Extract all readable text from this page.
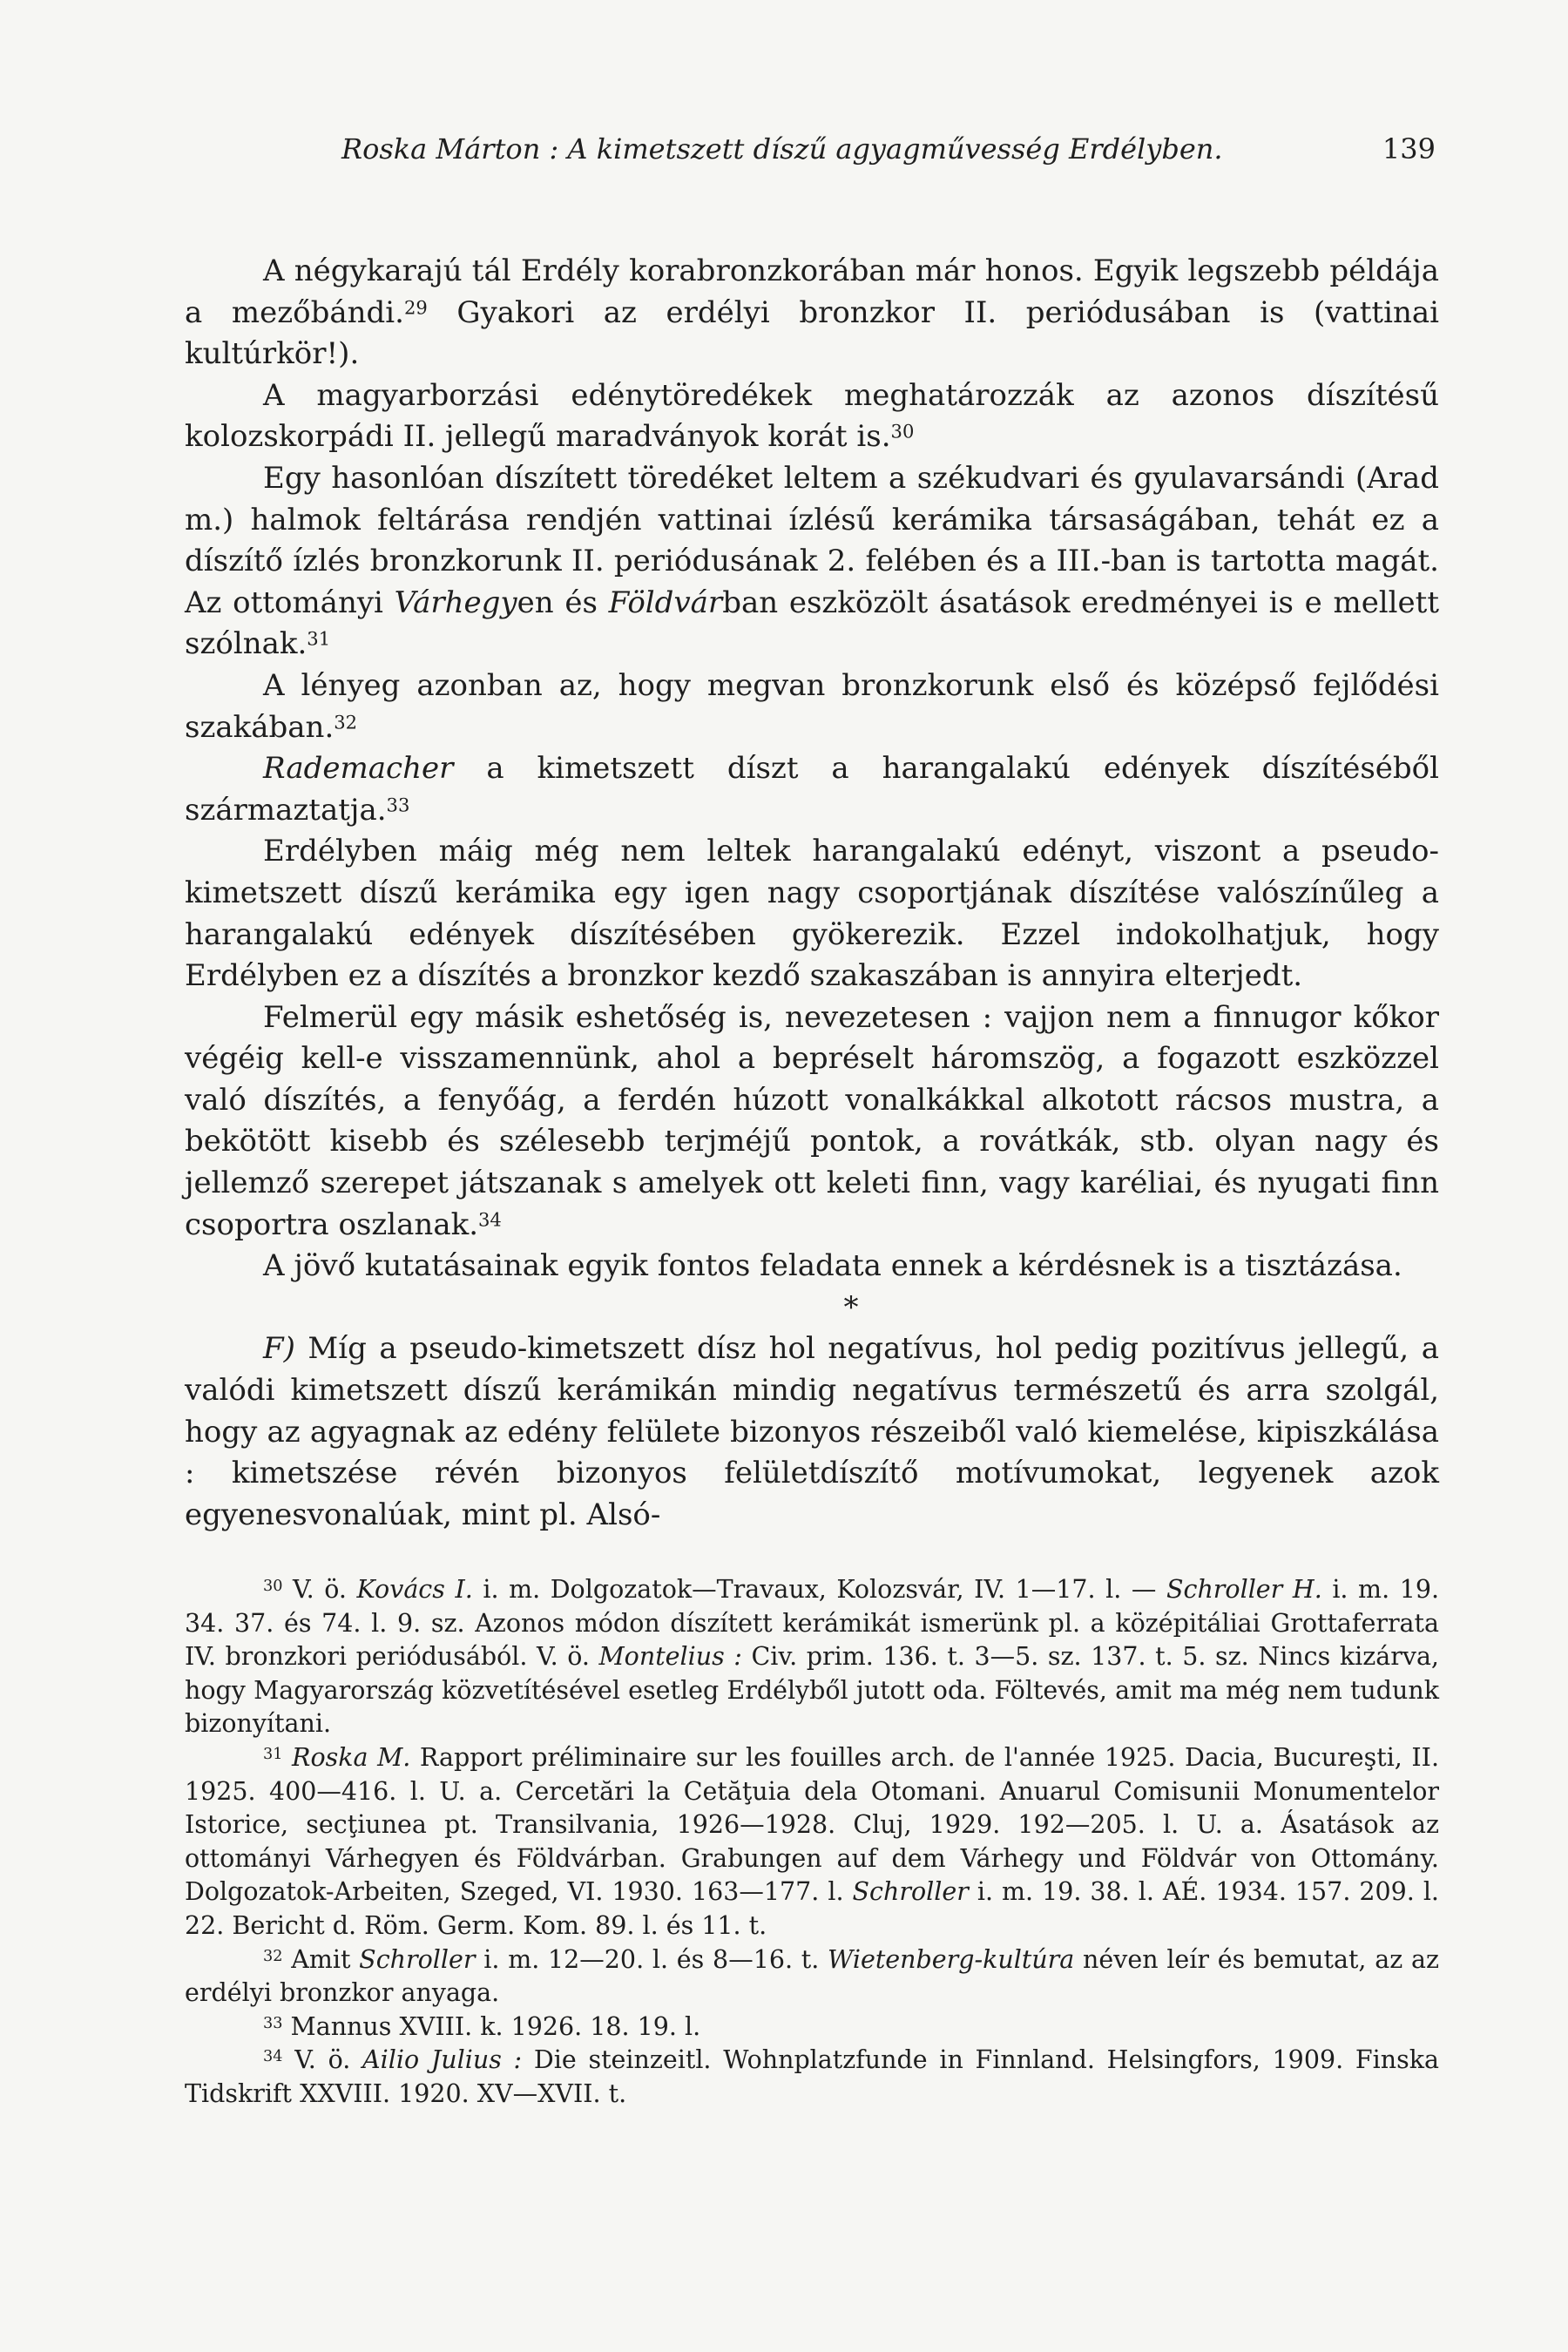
Roska Márton : A kimetszett díszű agyagművesség Erdélyben.	139

A négykarajú tál Erdély korabronzkorában már honos. Egyik legszebb példája a mezőbándi.$^{29}$ Gyakori az erdélyi bronzkor II. periódusában is (vattinai kultúrkör!).

A magyarborzási edénytöredékek meghatározzák az azonos díszítésű kolozskorpádi II. jellegű maradványok korát is.$^{30}$

Egy hasonlóan díszített töredéket leltem a székudvari és gyulavarsándi (Arad m.) halmok feltárása rendjén vattinai ízlésű kerámika társaságában, tehát ez a díszítő ízlés bronzkorunk II. periódusának 2. felében és a III.-ban is tartotta magát. Az ottományi Várhegyen és Földvárban eszközölt ásatások eredményei is e mellett szólnak.$^{31}$

A lényeg azonban az, hogy megvan bronzkorunk első és középső fejlődési szakában.$^{32}$

Rademacher a kimetszett díszt a harangalakú edények díszítéséből származtatja.$^{33}$

Erdélyben máig még nem leltek harangalakú edényt, viszont a pseudo-kimetszett díszű kerámika egy igen nagy csoportjának díszítése valószínűleg a harangalakú edények díszítésében gyökerezik. Ezzel indokolhatjuk, hogy Erdélyben ez a díszítés a bronzkor kezdő szakaszában is annyira elterjedt.

Felmerül egy másik eshetőség is, nevezetesen : vajjon nem a finnugor kőkor végéig kell-e visszamennünk, ahol a bepréselt háromszög, a fogazott eszközzel való díszítés, a fenyőág, a ferdén húzott vonalkákkal alkotott rácsos mustra, a bekötött kisebb és szélesebb terjméjű pontok, a rovátkák, stb. olyan nagy és jellemző szerepet játszanak s amelyek ott keleti finn, vagy karéliai, és nyugati finn csoportra oszlanak.$^{34}$

A jövő kutatásainak egyik fontos feladata ennek a kérdésnek is a tisztázása.

*

F) Míg a pseudo-kimetszett dísz hol negatívus, hol pedig pozitívus jellegű, a valódi kimetszett díszű kerámikán mindig negatívus természetű és arra szolgál, hogy az agyagnak az edény felülete bizonyos részeiből való kiemelése, kipiszkálása : kimetszése révén bizonyos felületdíszítő motívumokat, legyenek azok egyenesvonalúak, mint pl. Alsó-

$^{30}$ V. ö. Kovács I. i. m. Dolgozatok—Travaux, Kolozsvár, IV. 1—17. l. — Schroller H. i. m. 19. 34. 37. és 74. l. 9. sz. Azonos módon díszített kerámikát ismerünk pl. a középitáliai Grottaferrata IV. bronzkori periódusából. V. ö. Montelius : Civ. prim. 136. t. 3—5. sz. 137. t. 5. sz. Nincs kizárva, hogy Magyarország közvetítésével esetleg Erdélyből jutott oda. Föltevés, amit ma még nem tudunk bizonyítani.

$^{31}$ Roska M. Rapport préliminaire sur les fouilles arch. de l'année 1925. Dacia, Bucureşti, II. 1925. 400—416. l. U. a. Cercetări la Cetăţuia dela Otomani. Anuarul Comisunii Monumentelor Istorice, secţiunea pt. Transilvania, 1926—1928. Cluj, 1929. 192—205. l. U. a. Ásatások az ottományi Várhegyen és Földvárban. Grabungen auf dem Várhegy und Földvár von Ottomány. Dolgozatok-Arbeiten, Szeged, VI. 1930. 163—177. l. Schroller i. m. 19. 38. l. AÉ. 1934. 157. 209. l. 22. Bericht d. Röm. Germ. Kom. 89. l. és 11. t.

$^{32}$ Amit Schroller i. m. 12—20. l. és 8—16. t. Wietenberg-kultúra néven leír és bemutat, az az erdélyi bronzkor anyaga.

$^{33}$ Mannus XVIII. k. 1926. 18. 19. l.

$^{34}$ V. ö. Ailio Julius : Die steinzeitl. Wohnplatzfunde in Finnland. Helsingfors, 1909. Finska Tidskrift XXVIII. 1920. XV—XVII. t.
